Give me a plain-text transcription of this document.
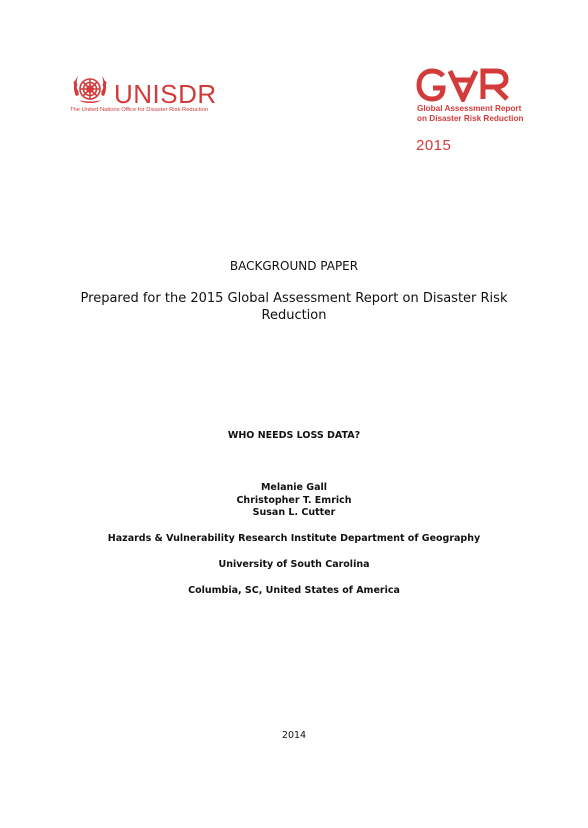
UNISDR
The United Nations Office for Disaster Risk Reduction
GAR
Global Assessment Report
on Disaster Risk Reduction
2015
BACKGROUND PAPER
Prepared for the 2015 Global Assessment Report on Disaster Risk
Reduction
WHO NEEDS LOSS DATA?
Melanie Gall
Christopher T. Emrich
Susan L. Cutter
Hazards & Vulnerability Research Institute Department of Geography
University of South Carolina
Columbia, SC, United States of America
2014
